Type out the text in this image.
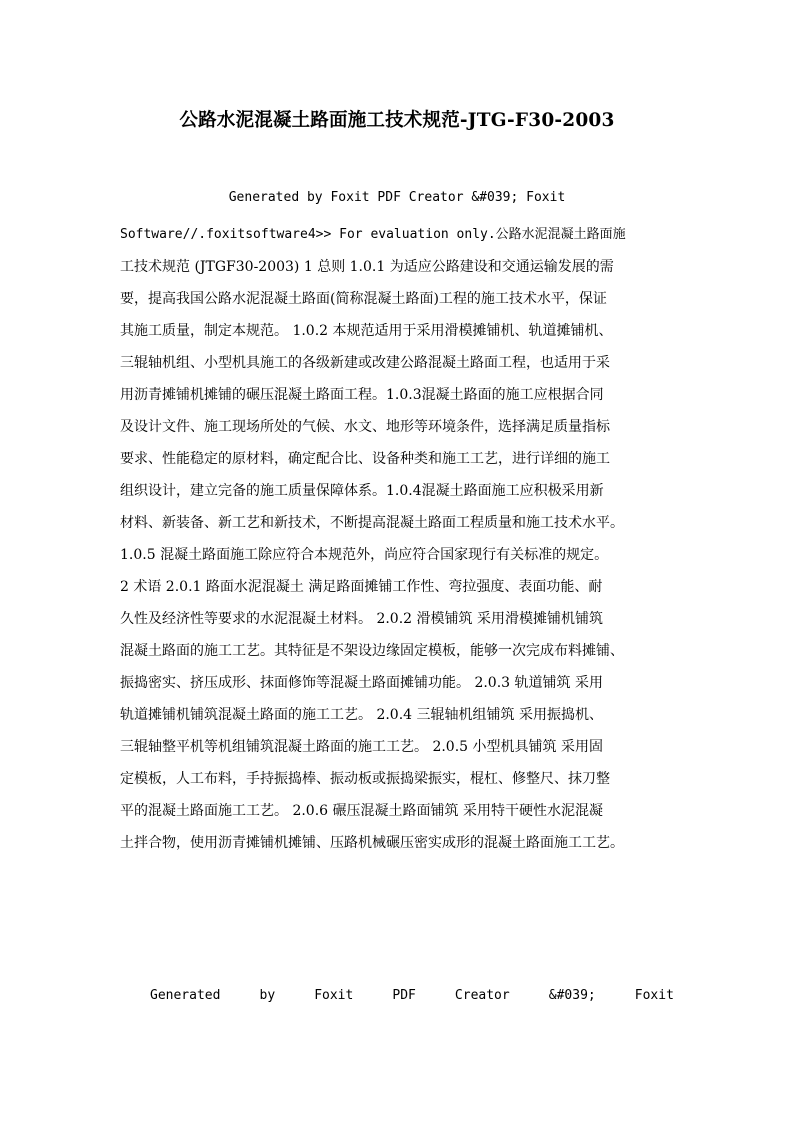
公路水泥混凝土路面施工技术规范-JTG-F30-2003
Generated by Foxit PDF Creator &#039; Foxit
Software//.foxitsoftware4>> For evaluation only.公路水泥混凝土路面施
工技术规范 (JTGF30-2003) 1 总则 1.0.1 为适应公路建设和交通运输发展的需
要，提高我国公路水泥混凝土路面(简称混凝土路面)工程的施工技术水平，保证
其施工质量，制定本规范。 1.0.2 本规范适用于采用滑模摊铺机、轨道摊铺机、
三辊轴机组、小型机具施工的各级新建或改建公路混凝土路面工程，也适用于采
用沥青摊铺机摊铺的碾压混凝土路面工程。1.0.3混凝土路面的施工应根据合同
及设计文件、施工现场所处的气候、水文、地形等环境条件，选择满足质量指标
要求、性能稳定的原材料，确定配合比、设备种类和施工工艺，进行详细的施工
组织设计，建立完备的施工质量保障体系。1.0.4混凝土路面施工应积极采用新
材料、新装备、新工艺和新技术，不断提高混凝土路面工程质量和施工技术水平。
1.0.5 混凝土路面施工除应符合本规范外，尚应符合国家现行有关标准的规定。
2 术语 2.0.1 路面水泥混凝土 满足路面摊铺工作性、弯拉强度、表面功能、耐
久性及经济性等要求的水泥混凝土材料。 2.0.2 滑模铺筑 采用滑模摊铺机铺筑
混凝土路面的施工工艺。其特征是不架设边缘固定模板，能够一次完成布料摊铺、
振捣密实、挤压成形、抹面修饰等混凝土路面摊铺功能。 2.0.3 轨道铺筑 采用
轨道摊铺机铺筑混凝土路面的施工工艺。 2.0.4 三辊轴机组铺筑 采用振捣机、
三辊轴整平机等机组铺筑混凝土路面的施工工艺。 2.0.5 小型机具铺筑 采用固
定模板，人工布料，手持振捣棒、振动板或振捣梁振实，棍杠、修整尺、抹刀整
平的混凝土路面施工工艺。 2.0.6 碾压混凝土路面铺筑 采用特干硬性水泥混凝
土拌合物，使用沥青摊铺机摊铺、压路机械碾压密实成形的混凝土路面施工工艺。
Generated	by	Foxit	PDF	Creator	&#039;	Foxit
